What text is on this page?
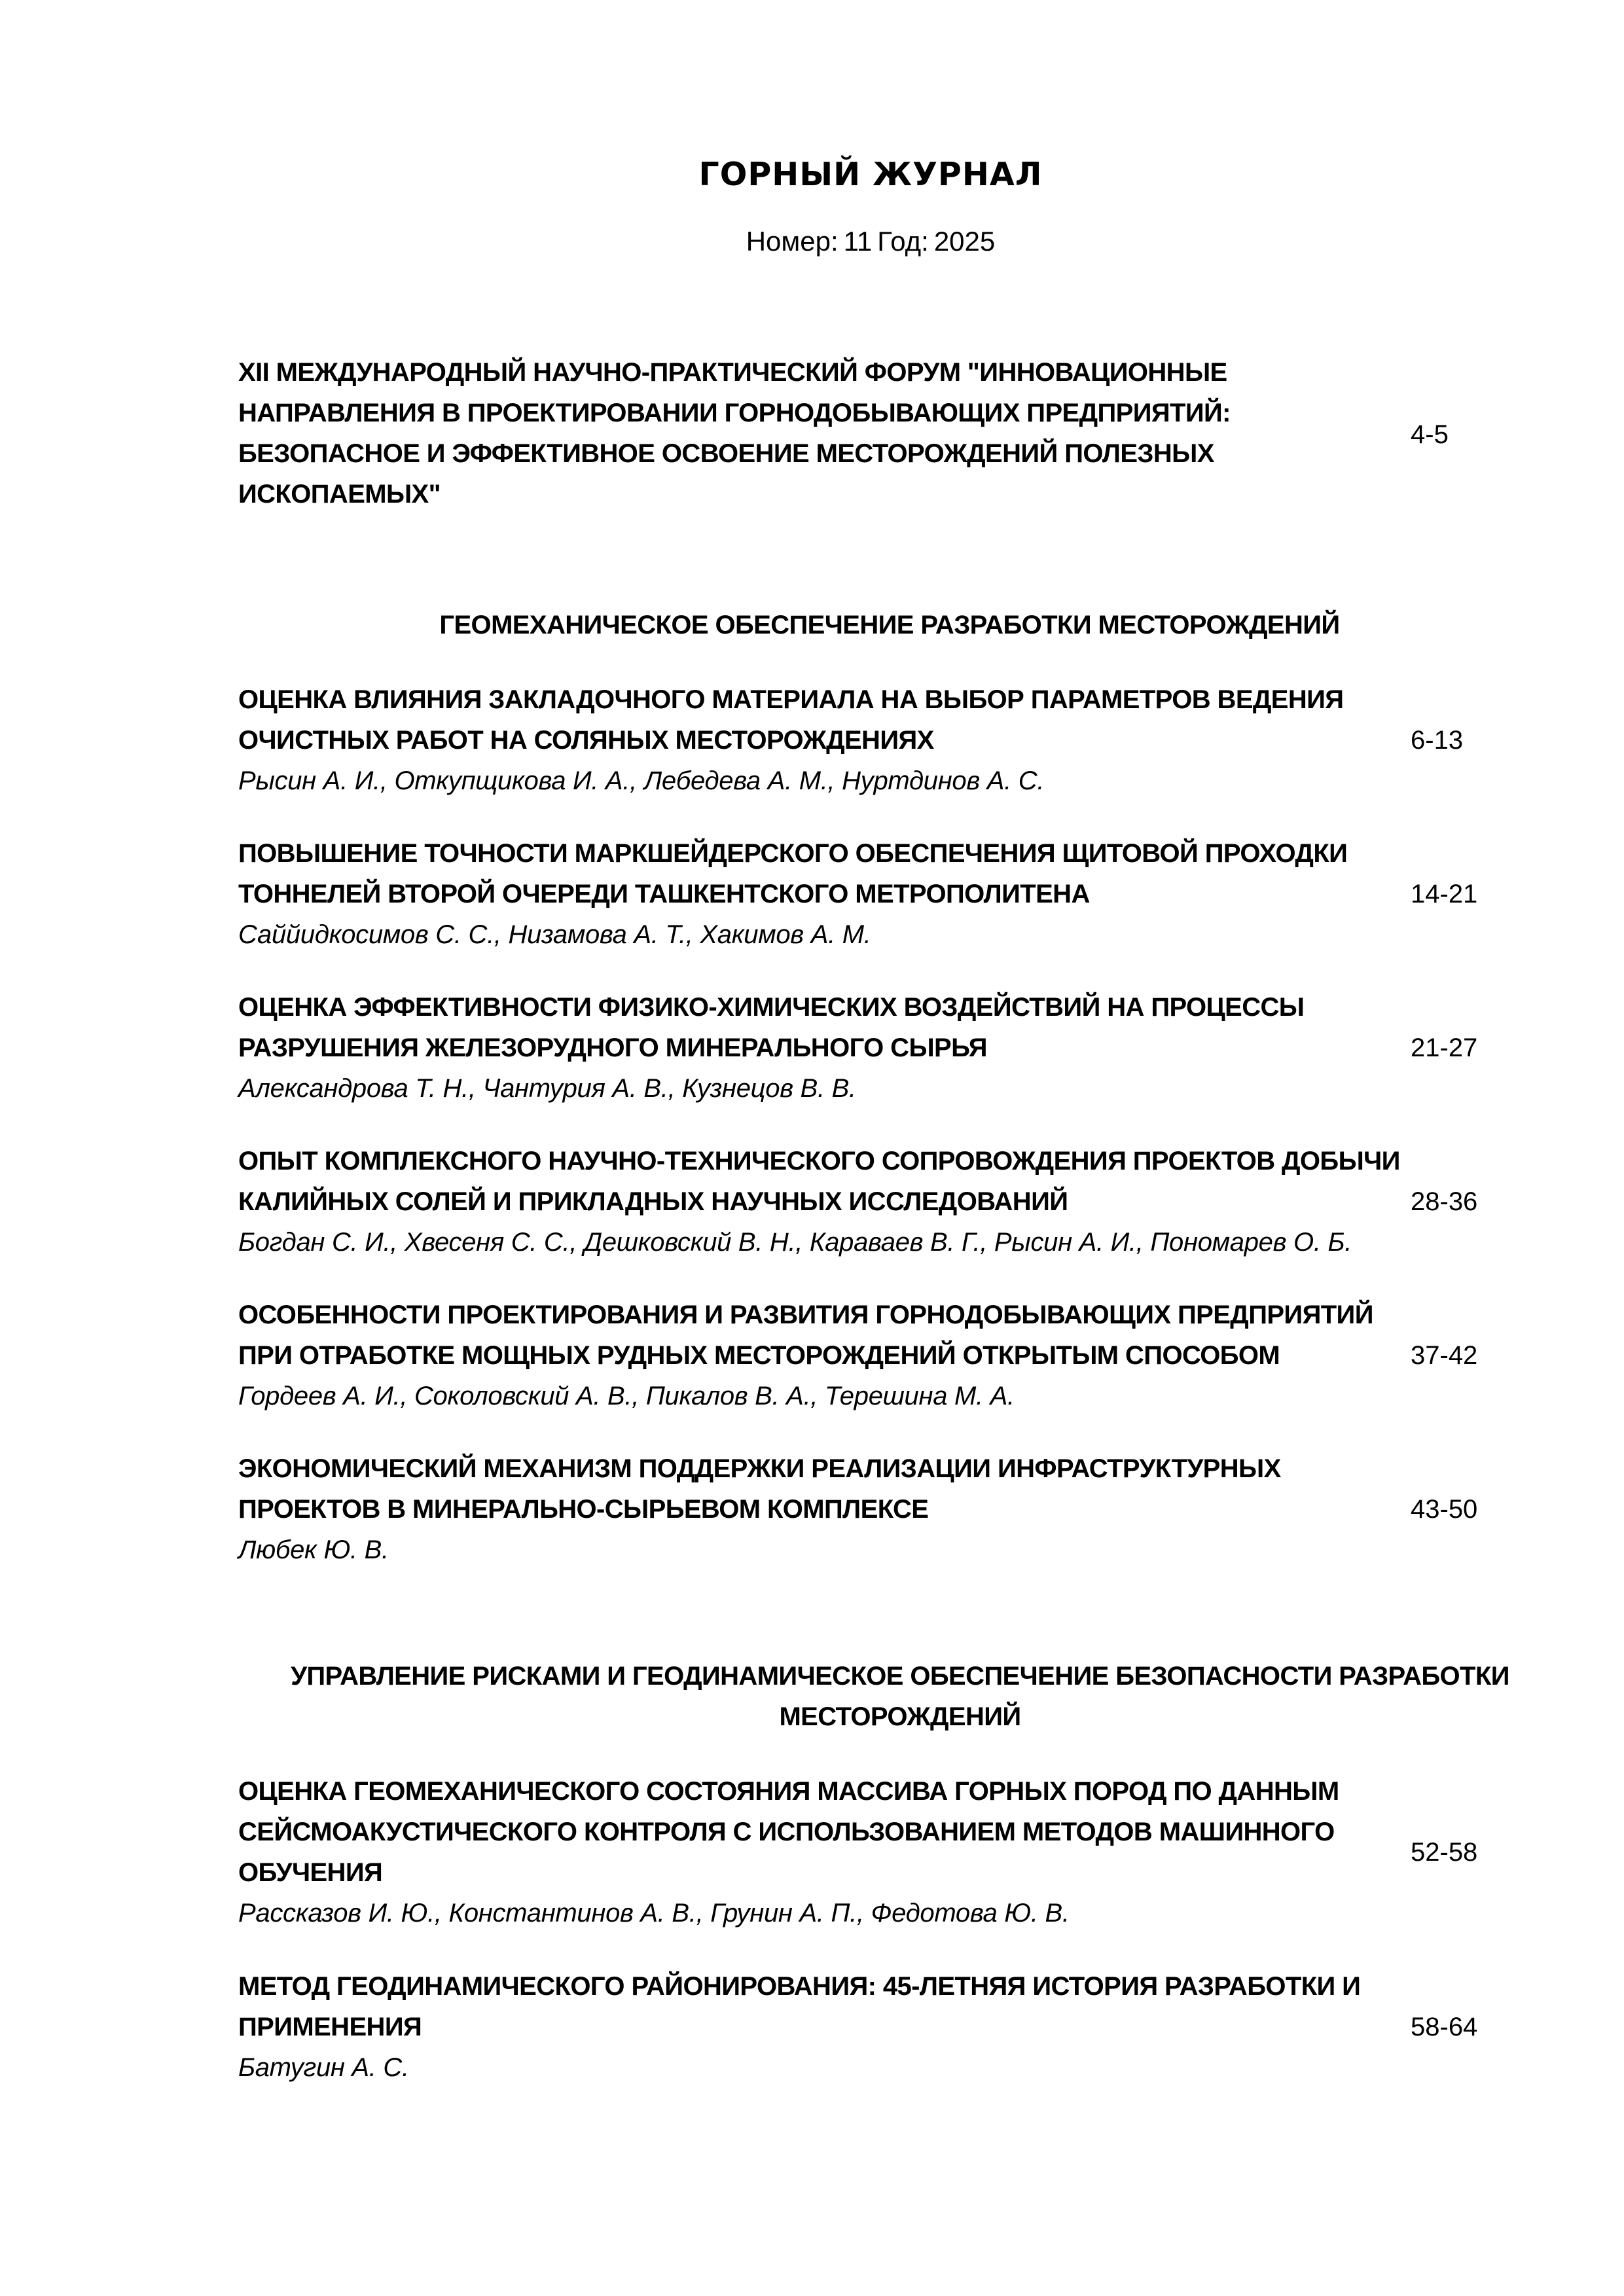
ГОРНЫЙ ЖУРНАЛ
Номер: 11 Год: 2025
XII МЕЖДУНАРОДНЫЙ НАУЧНО-ПРАКТИЧЕСКИЙ ФОРУМ "ИННОВАЦИОННЫЕ НАПРАВЛЕНИЯ В ПРОЕКТИРОВАНИИ ГОРНОДОБЫВАЮЩИХ ПРЕДПРИЯТИЙ: БЕЗОПАСНОЕ И ЭФФЕКТИВНОЕ ОСВОЕНИЕ МЕСТОРОЖДЕНИЙ ПОЛЕЗНЫХ ИСКОПАЕМЫХ"
4-5
ГЕОМЕХАНИЧЕСКОЕ ОБЕСПЕЧЕНИЕ РАЗРАБОТКИ МЕСТОРОЖДЕНИЙ
ОЦЕНКА ВЛИЯНИЯ ЗАКЛАДОЧНОГО МАТЕРИАЛА НА ВЫБОР ПАРАМЕТРОВ ВЕДЕНИЯ ОЧИСТНЫХ РАБОТ НА СОЛЯНЫХ МЕСТОРОЖДЕНИЯХ
Рысин А. И., Откупщикова И. А., Лебедева А. М., Нуртдинов А. С.
6-13
ПОВЫШЕНИЕ ТОЧНОСТИ МАРКШЕЙДЕРСКОГО ОБЕСПЕЧЕНИЯ ЩИТОВОЙ ПРОХОДКИ ТОННЕЛЕЙ ВТОРОЙ ОЧЕРЕДИ ТАШКЕНТСКОГО МЕТРОПОЛИТЕНА
Саййидкосимов С. С., Низамова А. Т., Хакимов А. М.
14-21
ОЦЕНКА ЭФФЕКТИВНОСТИ ФИЗИКО-ХИМИЧЕСКИХ ВОЗДЕЙСТВИЙ НА ПРОЦЕССЫ РАЗРУШЕНИЯ ЖЕЛЕЗОРУДНОГО МИНЕРАЛЬНОГО СЫРЬЯ
Александрова Т. Н., Чантурия А. В., Кузнецов В. В.
21-27
ОПЫТ КОМПЛЕКСНОГО НАУЧНО-ТЕХНИЧЕСКОГО СОПРОВОЖДЕНИЯ ПРОЕКТОВ ДОБЫЧИ КАЛИЙНЫХ СОЛЕЙ И ПРИКЛАДНЫХ НАУЧНЫХ ИССЛЕДОВАНИЙ
Богдан С. И., Хвесеня С. С., Дешковский В. Н., Караваев В. Г., Рысин А. И., Пономарев О. Б.
28-36
ОСОБЕННОСТИ ПРОЕКТИРОВАНИЯ И РАЗВИТИЯ ГОРНОДОБЫВАЮЩИХ ПРЕДПРИЯТИЙ ПРИ ОТРАБОТКЕ МОЩНЫХ РУДНЫХ МЕСТОРОЖДЕНИЙ ОТКРЫТЫМ СПОСОБОМ
Гордеев А. И., Соколовский А. В., Пикалов В. А., Терешина М. А.
37-42
ЭКОНОМИЧЕСКИЙ МЕХАНИЗМ ПОДДЕРЖКИ РЕАЛИЗАЦИИ ИНФРАСТРУКТУРНЫХ ПРОЕКТОВ В МИНЕРАЛЬНО-СЫРЬЕВОМ КОМПЛЕКСЕ
Любек Ю. В.
43-50
УПРАВЛЕНИЕ РИСКАМИ И ГЕОДИНАМИЧЕСКОЕ ОБЕСПЕЧЕНИЕ БЕЗОПАСНОСТИ РАЗРАБОТКИ МЕСТОРОЖДЕНИЙ
ОЦЕНКА ГЕОМЕХАНИЧЕСКОГО СОСТОЯНИЯ МАССИВА ГОРНЫХ ПОРОД ПО ДАННЫМ СЕЙСМОАКУСТИЧЕСКОГО КОНТРОЛЯ С ИСПОЛЬЗОВАНИЕМ МЕТОДОВ МАШИННОГО ОБУЧЕНИЯ
Рассказов И. Ю., Константинов А. В., Грунин А. П., Федотова Ю. В.
52-58
МЕТОД ГЕОДИНАМИЧЕСКОГО РАЙОНИРОВАНИЯ: 45-ЛЕТНЯЯ ИСТОРИЯ РАЗРАБОТКИ И ПРИМЕНЕНИЯ
Батугин А. С.
58-64
